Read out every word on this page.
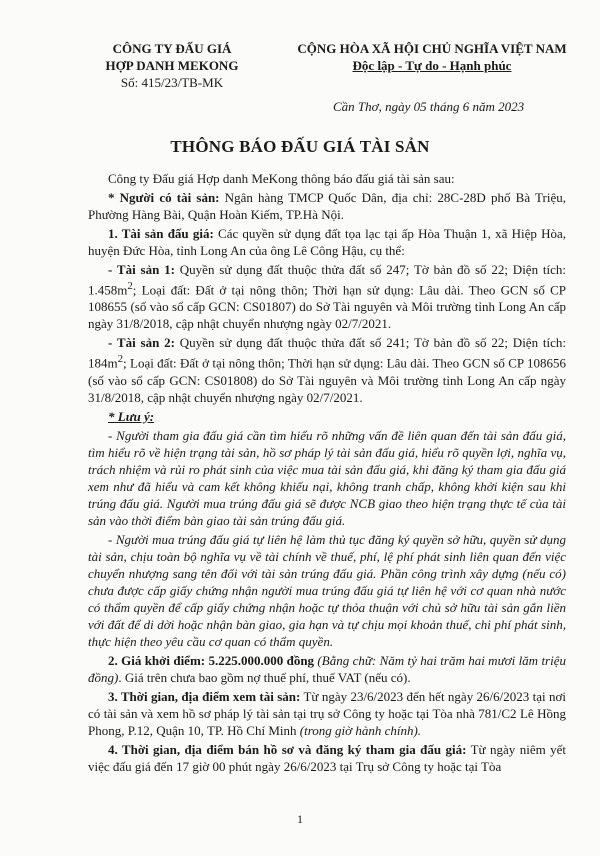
CÔNG TY ĐẤU GIÁ
HỢP DANH MEKONG
Số: 415/23/TB-MK
CỘNG HÒA XÃ HỘI CHỦ NGHĨA VIỆT NAM
Độc lập - Tự do - Hạnh phúc
Cần Thơ, ngày 05 tháng 6 năm 2023
THÔNG BÁO ĐẤU GIÁ TÀI SẢN

Công ty Đấu giá Hợp danh MeKong thông báo đấu giá tài sản sau:

* Người có tài sản: Ngân hàng TMCP Quốc Dân, địa chỉ: 28C-28D phố Bà Triệu, Phường Hàng Bài, Quận Hoàn Kiếm, TP.Hà Nội.

1. Tài sản đấu giá: Các quyền sử dụng đất tọa lạc tại ấp Hòa Thuận 1, xã Hiệp Hòa, huyện Đức Hòa, tỉnh Long An của ông Lê Công Hậu, cụ thể:

- Tài sản 1: Quyền sử dụng đất thuộc thửa đất số 247; Tờ bản đồ số 22; Diện tích: $1.458m^2$; Loại đất: Đất ở tại nông thôn; Thời hạn sử dụng: Lâu dài. Theo GCN số CP 108655 (số vào sổ cấp GCN: CS01807) do Sở Tài nguyên và Môi trường tỉnh Long An cấp ngày 31/8/2018, cập nhật chuyển nhượng ngày 02/7/2021.

- Tài sản 2: Quyền sử dụng đất thuộc thửa đất số 241; Tờ bản đồ số 22; Diện tích: $184m^2$; Loại đất: Đất ở tại nông thôn; Thời hạn sử dụng: Lâu dài. Theo GCN số CP 108656 (số vào sổ cấp GCN: CS01808) do Sở Tài nguyên và Môi trường tỉnh Long An cấp ngày 31/8/2018, cập nhật chuyển nhượng ngày 02/7/2021.

* Lưu ý:

- Người tham gia đấu giá cần tìm hiểu rõ những vấn đề liên quan đến tài sản đấu giá, tìm hiểu rõ về hiện trạng tài sản, hồ sơ pháp lý tài sản đấu giá, hiểu rõ quyền lợi, nghĩa vụ, trách nhiệm và rủi ro phát sinh của việc mua tài sản đấu giá, khi đăng ký tham gia đấu giá xem như đã hiểu và cam kết không khiếu nại, không tranh chấp, không khởi kiện sau khi trúng đấu giá. Người mua trúng đấu giá sẽ được NCB giao theo hiện trạng thực tế của tài sản vào thời điểm bàn giao tài sản trúng đấu giá.

- Người mua trúng đấu giá tự liên hệ làm thủ tục đăng ký quyền sở hữu, quyền sử dụng tài sản, chịu toàn bộ nghĩa vụ về tài chính về thuế, phí, lệ phí phát sinh liên quan đến việc chuyển nhượng sang tên đối với tài sản trúng đấu giá. Phần công trình xây dựng (nếu có) chưa được cấp giấy chứng nhận người mua trúng đấu giá tự liên hệ với cơ quan nhà nước có thẩm quyền để cấp giấy chứng nhận hoặc tự thỏa thuận với chủ sở hữu tài sản gắn liền với đất để di dời hoặc nhận bàn giao, gia hạn và tự chịu mọi khoản thuế, chi phí phát sinh, thực hiện theo yêu cầu cơ quan có thẩm quyền.

2. Giá khởi điểm: 5.225.000.000 đồng (Bằng chữ: Năm tỷ hai trăm hai mươi lăm triệu đồng). Giá trên chưa bao gồm nợ thuế phí, thuế VAT (nếu có).

3. Thời gian, địa điểm xem tài sản: Từ ngày 23/6/2023 đến hết ngày 26/6/2023 tại nơi có tài sản và xem hồ sơ pháp lý tài sản tại trụ sở Công ty hoặc tại Tòa nhà 781/C2 Lê Hồng Phong, P.12, Quận 10, TP. Hồ Chí Minh (trong giờ hành chính).

4. Thời gian, địa điểm bán hồ sơ và đăng ký tham gia đấu giá: Từ ngày niêm yết việc đấu giá đến 17 giờ 00 phút ngày 26/6/2023 tại Trụ sở Công ty hoặc tại Tòa

1
